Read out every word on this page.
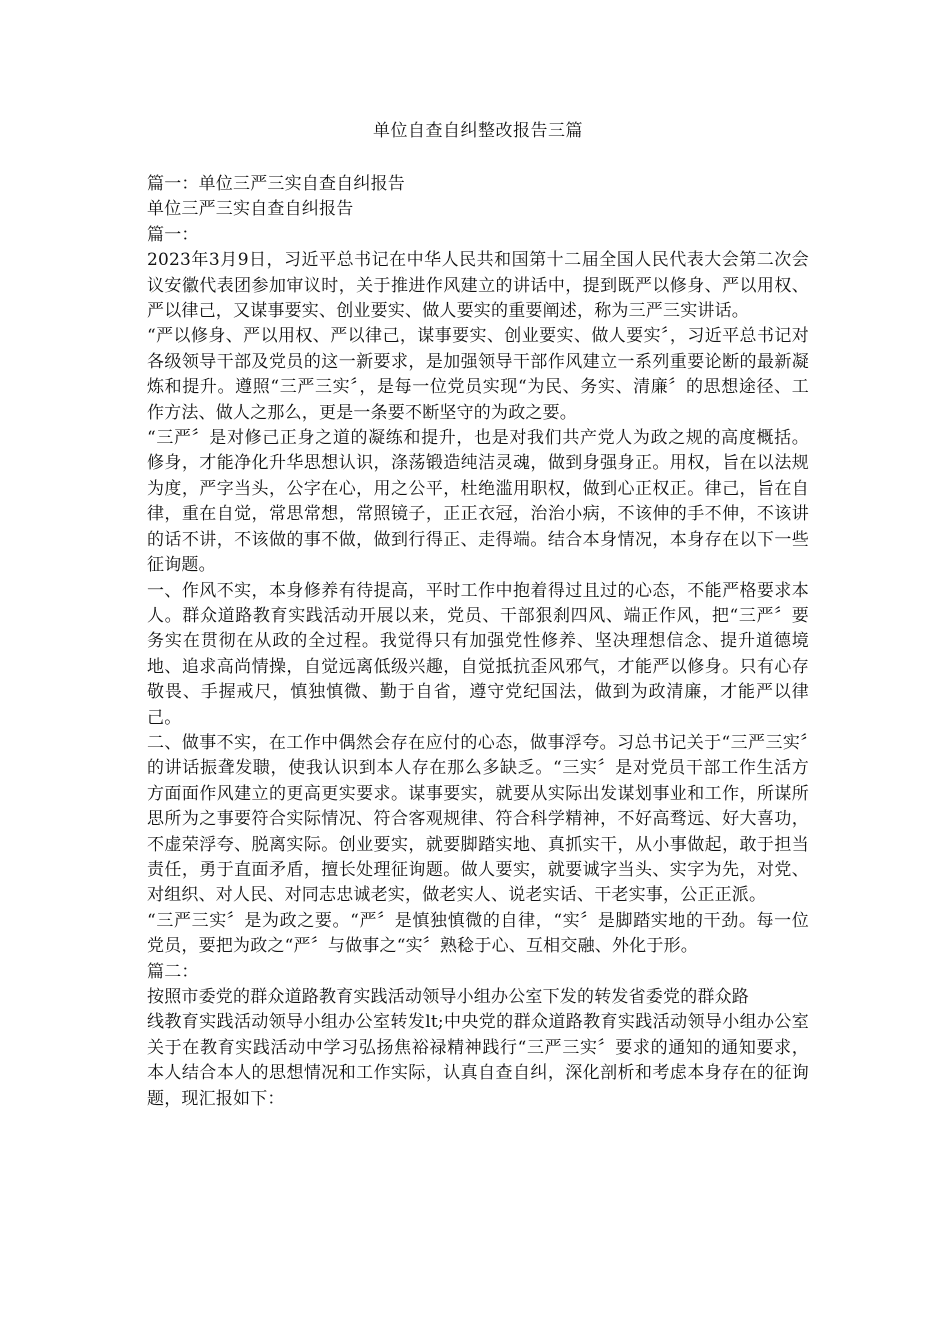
单位自查自纠整改报告三篇

篇一：单位三严三实自查自纠报告

单位三严三实自查自纠报告

篇一：

2023年3月9日，习近平总书记在中华人民共和国第十二届全国人民代表大会第二次会议安徽代表团参加审议时，关于推进作风建立的讲话中，提到既严以修身、严以用权、严以律己，又谋事要实、创业要实、做人要实的重要阐述，称为三严三实讲话。

“严以修身、严以用权、严以律己，谋事要实、创业要实、做人要实〞，习近平总书记对各级领导干部及党员的这一新要求，是加强领导干部作风建立一系列重要论断的最新凝炼和提升。遵照“三严三实〞，是每一位党员实现“为民、务实、清廉〞的思想途径、工作方法、做人之那么，更是一条要不断坚守的为政之要。

“三严〞是对修己正身之道的凝练和提升，也是对我们共产党人为政之规的高度概括。修身，才能净化升华思想认识，涤荡锻造纯洁灵魂，做到身强身正。用权，旨在以法规为度，严字当头，公字在心，用之公平，杜绝滥用职权，做到心正权正。律己，旨在自律，重在自觉，常思常想，常照镜子，正正衣冠，治治小病，不该伸的手不伸，不该讲的话不讲，不该做的事不做，做到行得正、走得端。结合本身情况，本身存在以下一些征询题。

一、作风不实，本身修养有待提高，平时工作中抱着得过且过的心态，不能严格要求本人。群众道路教育实践活动开展以来，党员、干部狠刹四风、端正作风，把“三严〞要务实在贯彻在从政的全过程。我觉得只有加强党性修养、坚决理想信念、提升道德境地、追求高尚情操，自觉远离低级兴趣，自觉抵抗歪风邪气，才能严以修身。只有心存敬畏、手握戒尺，慎独慎微、勤于自省，遵守党纪国法，做到为政清廉，才能严以律己。

二、做事不实，在工作中偶然会存在应付的心态，做事浮夸。习总书记关于“三严三实〞的讲话振聋发聩，使我认识到本人存在那么多缺乏。“三实〞是对党员干部工作生活方方面面作风建立的更高更实要求。谋事要实，就要从实际出发谋划事业和工作，所谋所思所为之事要符合实际情况、符合客观规律、符合科学精神，不好高骛远、好大喜功，不虚荣浮夸、脱离实际。创业要实，就要脚踏实地、真抓实干，从小事做起，敢于担当责任，勇于直面矛盾，擅长处理征询题。做人要实，就要诚字当头、实字为先，对党、对组织、对人民、对同志忠诚老实，做老实人、说老实话、干老实事，公正正派。

“三严三实〞是为政之要。“严〞是慎独慎微的自律，“实〞是脚踏实地的干劲。每一位党员，要把为政之“严〞与做事之“实〞熟稔于心、互相交融、外化于形。

篇二：

按照市委党的群众道路教育实践活动领导小组办公室下发的转发省委党的群众路

线教育实践活动领导小组办公室转发lt;中央党的群众道路教育实践活动领导小组办公室关于在教育实践活动中学习弘扬焦裕禄精神践行“三严三实〞要求的通知的通知要求，本人结合本人的思想情况和工作实际，认真自查自纠，深化剖析和考虑本身存在的征询题，现汇报如下：
